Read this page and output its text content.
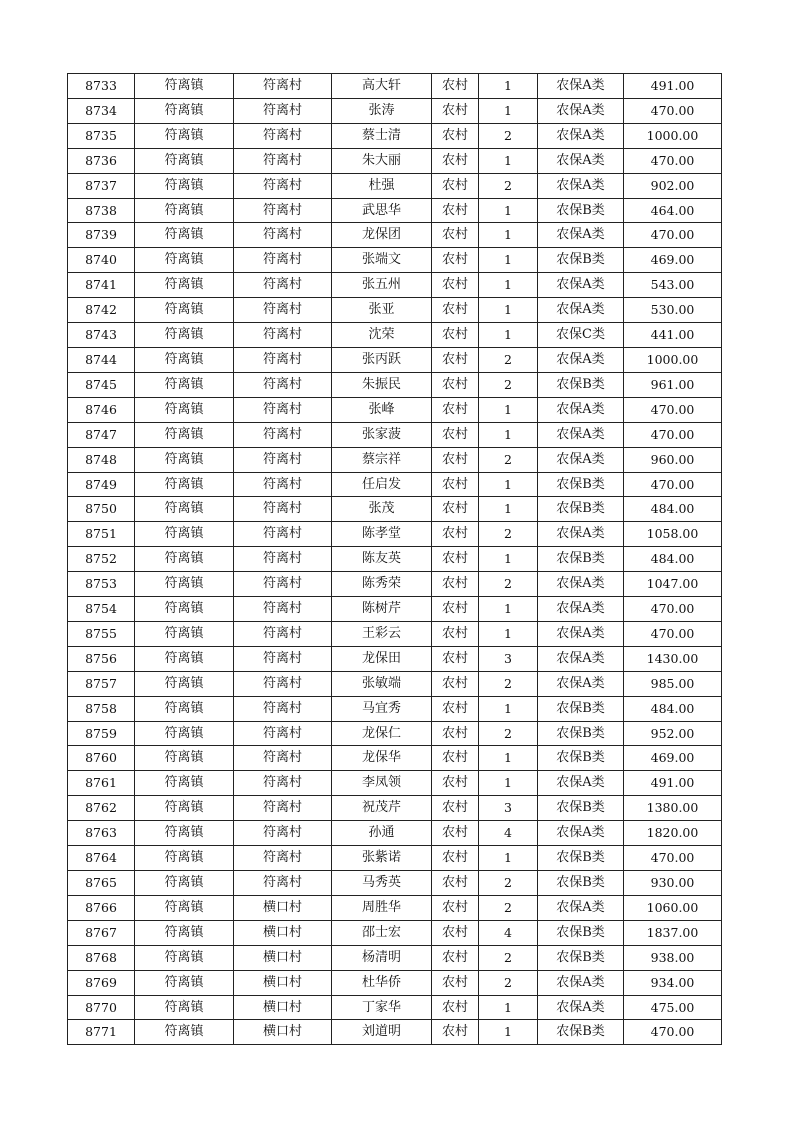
8733	符离镇	符离村	高大轩	农村	1	农保A类	491.00
8734	符离镇	符离村	张涛	农村	1	农保A类	470.00
8735	符离镇	符离村	蔡士清	农村	2	农保A类	1000.00
8736	符离镇	符离村	朱大丽	农村	1	农保A类	470.00
8737	符离镇	符离村	杜强	农村	2	农保A类	902.00
8738	符离镇	符离村	武思华	农村	1	农保B类	464.00
8739	符离镇	符离村	龙保团	农村	1	农保A类	470.00
8740	符离镇	符离村	张端文	农村	1	农保B类	469.00
8741	符离镇	符离村	张五州	农村	1	农保A类	543.00
8742	符离镇	符离村	张亚	农村	1	农保A类	530.00
8743	符离镇	符离村	沈荣	农村	1	农保C类	441.00
8744	符离镇	符离村	张丙跃	农村	2	农保A类	1000.00
8745	符离镇	符离村	朱振民	农村	2	农保B类	961.00
8746	符离镇	符离村	张峰	农村	1	农保A类	470.00
8747	符离镇	符离村	张家菠	农村	1	农保A类	470.00
8748	符离镇	符离村	蔡宗祥	农村	2	农保A类	960.00
8749	符离镇	符离村	任启发	农村	1	农保B类	470.00
8750	符离镇	符离村	张茂	农村	1	农保B类	484.00
8751	符离镇	符离村	陈孝堂	农村	2	农保A类	1058.00
8752	符离镇	符离村	陈友英	农村	1	农保B类	484.00
8753	符离镇	符离村	陈秀荣	农村	2	农保A类	1047.00
8754	符离镇	符离村	陈树芹	农村	1	农保A类	470.00
8755	符离镇	符离村	王彩云	农村	1	农保A类	470.00
8756	符离镇	符离村	龙保田	农村	3	农保A类	1430.00
8757	符离镇	符离村	张敏端	农村	2	农保A类	985.00
8758	符离镇	符离村	马宜秀	农村	1	农保B类	484.00
8759	符离镇	符离村	龙保仁	农村	2	农保B类	952.00
8760	符离镇	符离村	龙保华	农村	1	农保B类	469.00
8761	符离镇	符离村	李凤领	农村	1	农保A类	491.00
8762	符离镇	符离村	祝茂芹	农村	3	农保B类	1380.00
8763	符离镇	符离村	孙通	农村	4	农保A类	1820.00
8764	符离镇	符离村	张紫诺	农村	1	农保B类	470.00
8765	符离镇	符离村	马秀英	农村	2	农保B类	930.00
8766	符离镇	横口村	周胜华	农村	2	农保A类	1060.00
8767	符离镇	横口村	邵士宏	农村	4	农保B类	1837.00
8768	符离镇	横口村	杨清明	农村	2	农保B类	938.00
8769	符离镇	横口村	杜华侨	农村	2	农保A类	934.00
8770	符离镇	横口村	丁家华	农村	1	农保A类	475.00
8771	符离镇	横口村	刘道明	农村	1	农保B类	470.00
